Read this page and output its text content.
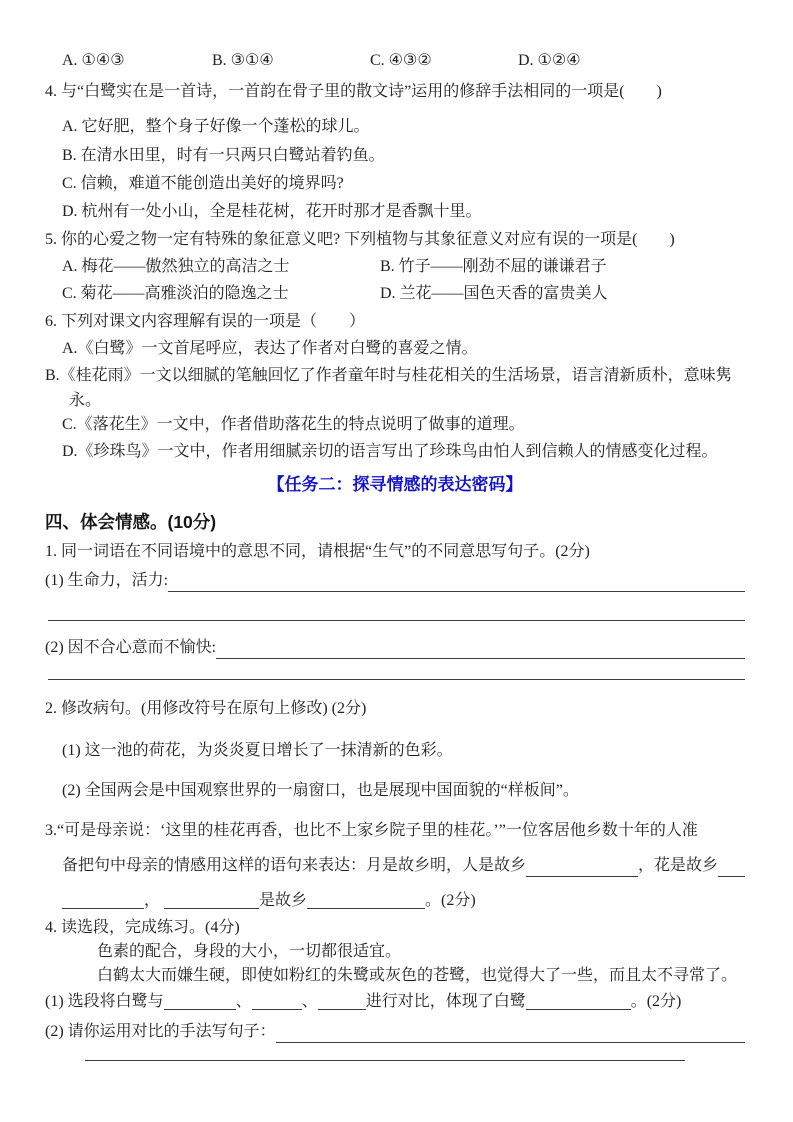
A. ①④③	B. ③①④	C. ④③②	D. ①②④

4. 与“白鹭实在是一首诗，一首韵在骨子里的散文诗”运用的修辞手法相同的一项是(　　)

A. 它好肥，整个身子好像一个蓬松的球儿。

B. 在清水田里，时有一只两只白鹭站着钓鱼。

C. 信赖，难道不能创造出美好的境界吗?

D. 杭州有一处小山，全是桂花树，花开时那才是香飘十里。

5. 你的心爱之物一定有特殊的象征意义吧? 下列植物与其象征意义对应有误的一项是(　　)

A. 梅花——傲然独立的高洁之士	B. 竹子——刚劲不屈的谦谦君子
C. 菊花——高雅淡泊的隐逸之士	D. 兰花——国色天香的富贵美人

6. 下列对课文内容理解有误的一项是（　　）

A.《白鹭》一文首尾呼应，表达了作者对白鹭的喜爱之情。

B.《桂花雨》一文以细腻的笔触回忆了作者童年时与桂花相关的生活场景，语言清新质朴，意味隽永。

C.《落花生》一文中，作者借助落花生的特点说明了做事的道理。

D.《珍珠鸟》一文中，作者用细腻亲切的语言写出了珍珠鸟由怕人到信赖人的情感变化过程。

【任务二：探寻情感的表达密码】
四、体会情感。(10分)

1. 同一词语在不同语境中的意思不同，请根据“生气”的不同意思写句子。(2分)

(1) 生命力，活力:
(2) 因不合心意而不愉快:

2. 修改病句。(用修改符号在原句上修改) (2分)

(1) 这一池的荷花，为炎炎夏日增长了一抹清新的色彩。

(2) 全国两会是中国观察世界的一扇窗口，也是展现中国面貌的“样板间”。

3.“可是母亲说：‘这里的桂花再香，也比不上家乡院子里的桂花。’”一位客居他乡数十年的人准

备把句中母亲的情感用这样的语句来表达：月是故乡明，人是故乡	，花是故乡

，	是故乡	。(2分)

4. 读选段，完成练习。(4分)

色素的配合，身段的大小，一切都很适宜。

白鹤太大而嫌生硬，即使如粉红的朱鹭或灰色的苍鹭，也觉得大了一些，而且太不寻常了。

(1) 选段将白鹭与	、	、	进行对比，体现了白鹭	。(2分)

(2) 请你运用对比的手法写句子：
